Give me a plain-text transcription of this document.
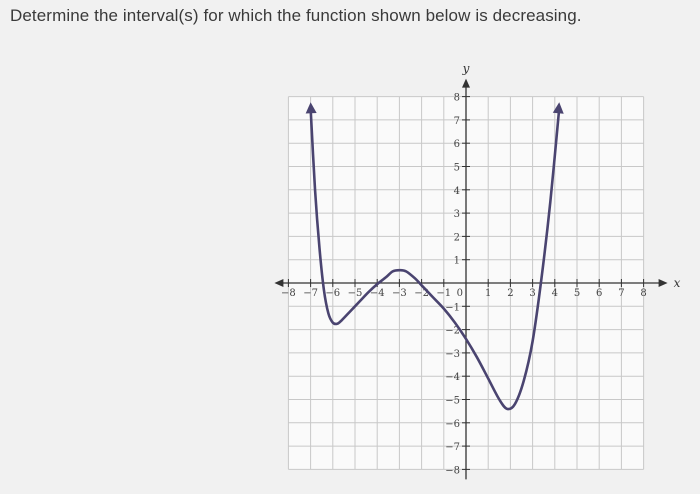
Determine the interval(s) for which the function shown below is decreasing.
−8 −7 −6 −5 −4 −3 −2 −1	1 2 3 4 5 6 7 8
−8
−7
−6
−5
−4
−3
−2
−1
1
2
3
4
5
6
7
8
0
x
y
